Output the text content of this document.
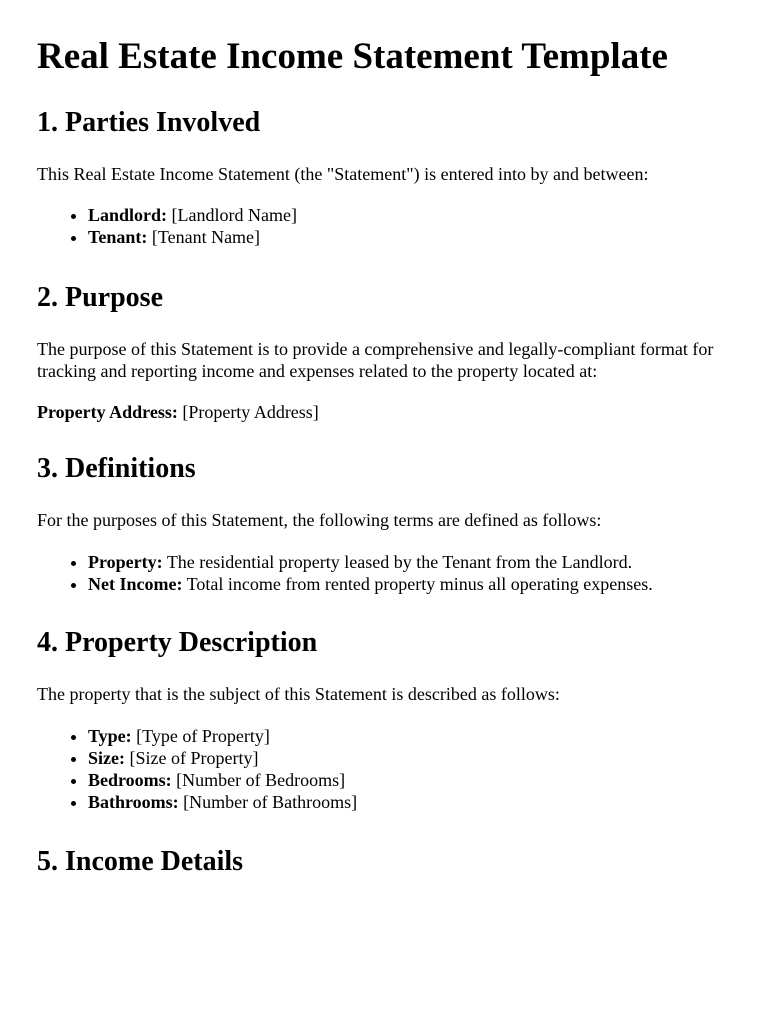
Real Estate Income Statement Template
1. Parties Involved

This Real Estate Income Statement (the "Statement") is entered into by and between:

• Landlord: [Landlord Name]
• Tenant: [Tenant Name]
2. Purpose

The purpose of this Statement is to provide a comprehensive and legally-compliant format for tracking and reporting income and expenses related to the property located at:

Property Address: [Property Address]

3. Definitions

For the purposes of this Statement, the following terms are defined as follows:

• Property: The residential property leased by the Tenant from the Landlord.
• Net Income: Total income from rented property minus all operating expenses.
4. Property Description

The property that is the subject of this Statement is described as follows:

• Type: [Type of Property]
• Size: [Size of Property]
• Bedrooms: [Number of Bedrooms]
• Bathrooms: [Number of Bathrooms]
5. Income Details
